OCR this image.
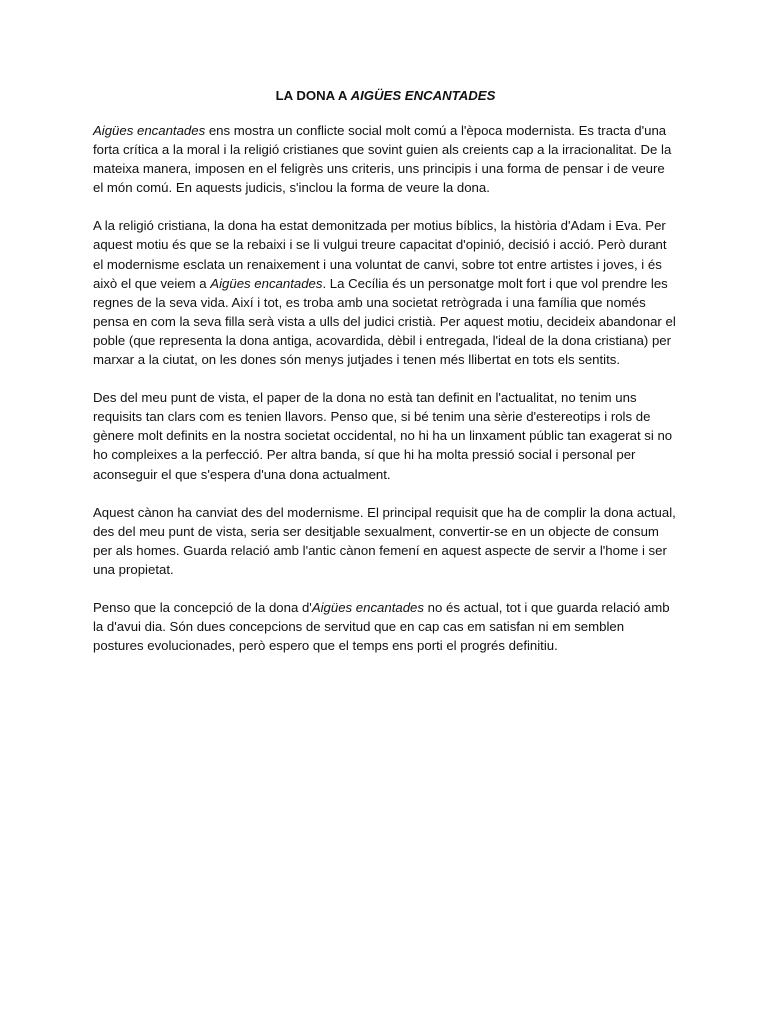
LA DONA A AIGÜES ENCANTADES

Aigües encantades ens mostra un conflicte social molt comú a l'època modernista. Es tracta d'una forta crítica a la moral i la religió cristianes que sovint guien als creients cap a la irracionalitat. De la mateixa manera, imposen en el feligrès uns criteris, uns principis i una forma de pensar i de veure el món comú. En aquests judicis, s'inclou la forma de veure la dona.

A la religió cristiana, la dona ha estat demonitzada per motius bíblics, la història d'Adam i Eva. Per aquest motiu és que se la rebaixi i se li vulgui treure capacitat d'opinió, decisió i acció. Però durant el modernisme esclata un renaixement i una voluntat de canvi, sobre tot entre artistes i joves, i és això el que veiem a Aigües encantades. La Cecília és un personatge molt fort i que vol prendre les regnes de la seva vida. Així i tot, es troba amb una societat retrògrada i una família que només pensa en com la seva filla serà vista a ulls del judici cristià. Per aquest motiu, decideix abandonar el poble (que representa la dona antiga, acovardida, dèbil i entregada, l'ideal de la dona cristiana) per marxar a la ciutat, on les dones són menys jutjades i tenen més llibertat en tots els sentits.

Des del meu punt de vista, el paper de la dona no està tan definit en l'actualitat, no tenim uns requisits tan clars com es tenien llavors. Penso que, si bé tenim una sèrie d'estereotips i rols de gènere molt definits en la nostra societat occidental, no hi ha un linxament públic tan exagerat si no ho compleixes a la perfecció. Per altra banda, sí que hi ha molta pressió social i personal per aconseguir el que s'espera d'una dona actualment.

Aquest cànon ha canviat des del modernisme. El principal requisit que ha de complir la dona actual, des del meu punt de vista, seria ser desitjable sexualment, convertir-se en un objecte de consum per als homes. Guarda relació amb l'antic cànon femení en aquest aspecte de servir a l'home i ser una propietat.

Penso que la concepció de la dona d'Aigües encantades no és actual, tot i que guarda relació amb la d'avui dia. Són dues concepcions de servitud que en cap cas em satisfan ni em semblen postures evolucionades, però espero que el temps ens porti el progrés definitiu.
